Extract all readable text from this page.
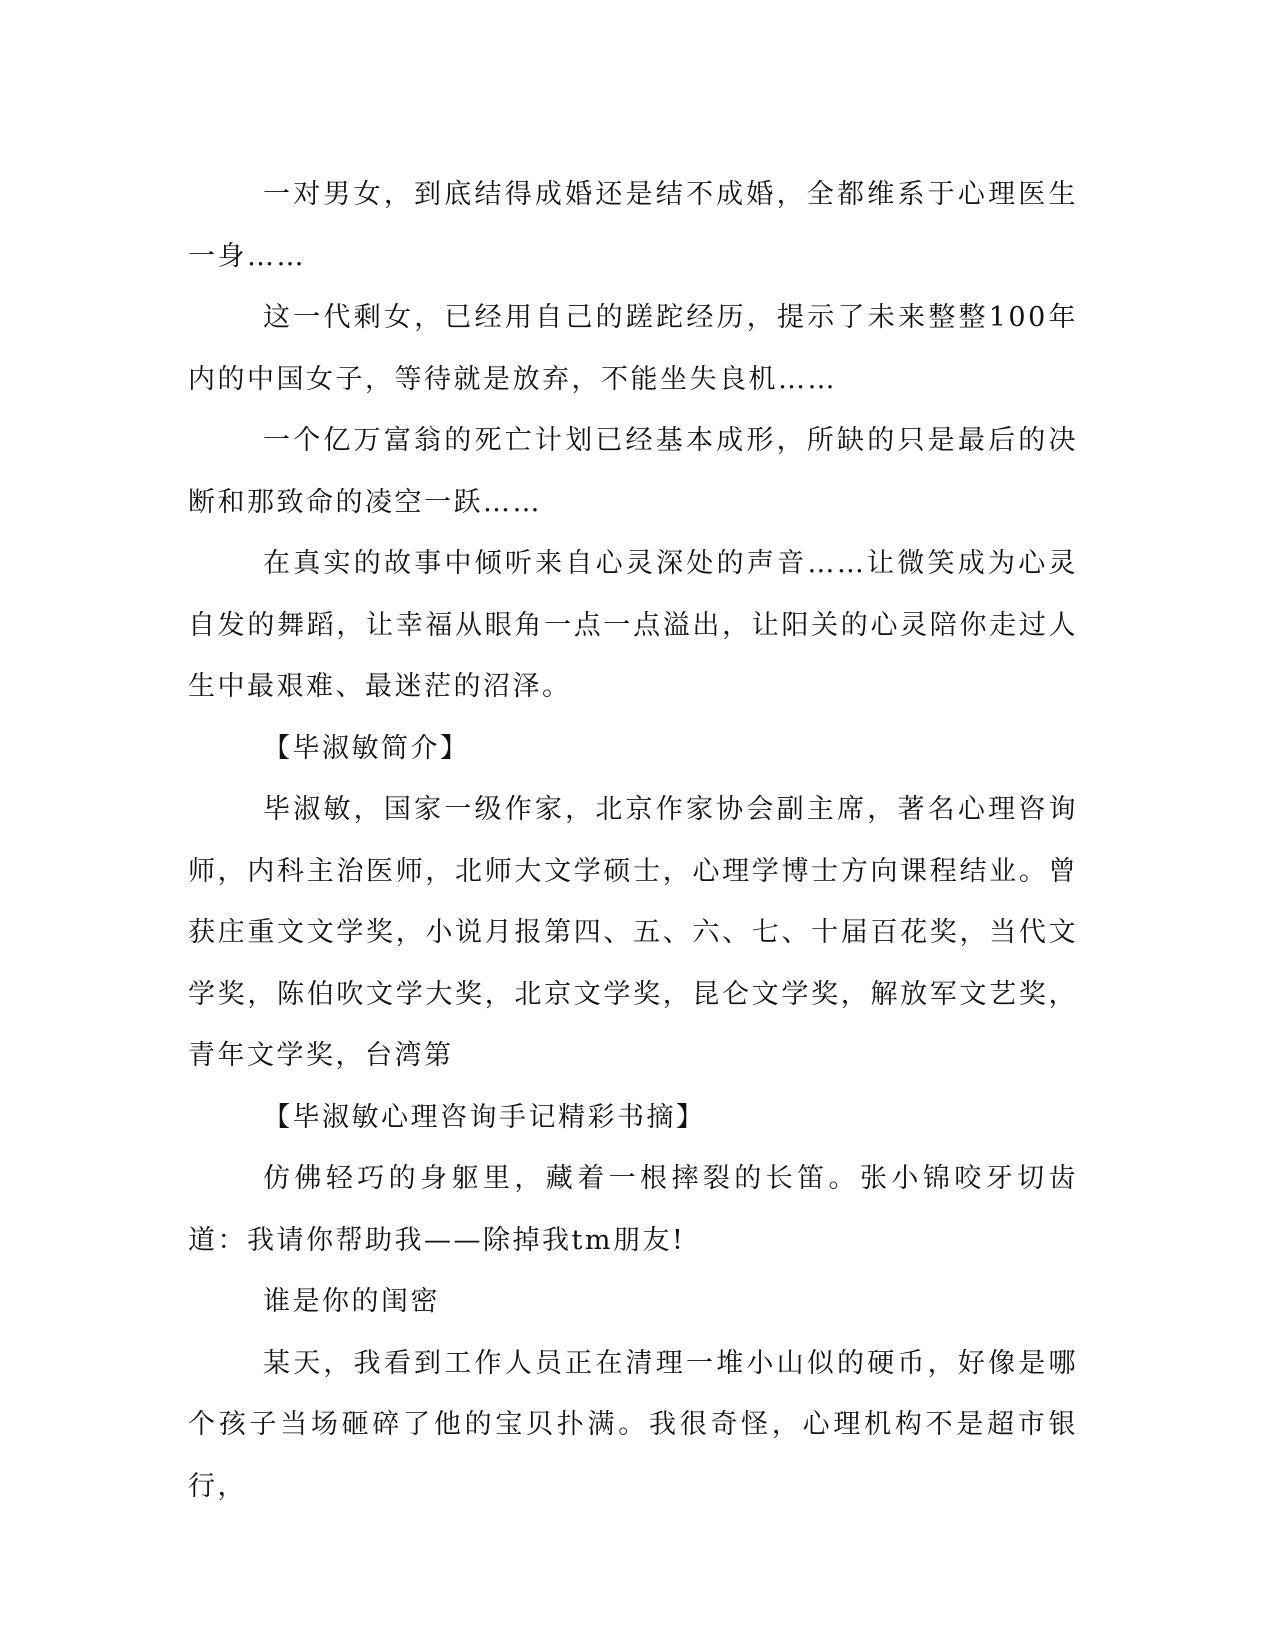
一对男女，到底结得成婚还是结不成婚，全都维系于心理医生一身……

这一代剩女，已经用自己的蹉跎经历，提示了未来整整100年内的中国女子，等待就是放弃，不能坐失良机……

一个亿万富翁的死亡计划已经基本成形，所缺的只是最后的决断和那致命的凌空一跃……

在真实的故事中倾听来自心灵深处的声音……让微笑成为心灵自发的舞蹈，让幸福从眼角一点一点溢出，让阳关的心灵陪你走过人生中最艰难、最迷茫的沼泽。

【毕淑敏简介】

毕淑敏，国家一级作家，北京作家协会副主席，著名心理咨询师，内科主治医师，北师大文学硕士，心理学博士方向课程结业。曾获庄重文文学奖，小说月报第四、五、六、七、十届百花奖，当代文学奖，陈伯吹文学大奖，北京文学奖，昆仑文学奖，解放军文艺奖，青年文学奖，台湾第

【毕淑敏心理咨询手记精彩书摘】

仿佛轻巧的身躯里，藏着一根摔裂的长笛。张小锦咬牙切齿道：我请你帮助我——除掉我tm朋友!

谁是你的闺密

某天，我看到工作人员正在清理一堆小山似的硬币，好像是哪个孩子当场砸碎了他的宝贝扑满。我很奇怪，心理机构不是超市银行，
